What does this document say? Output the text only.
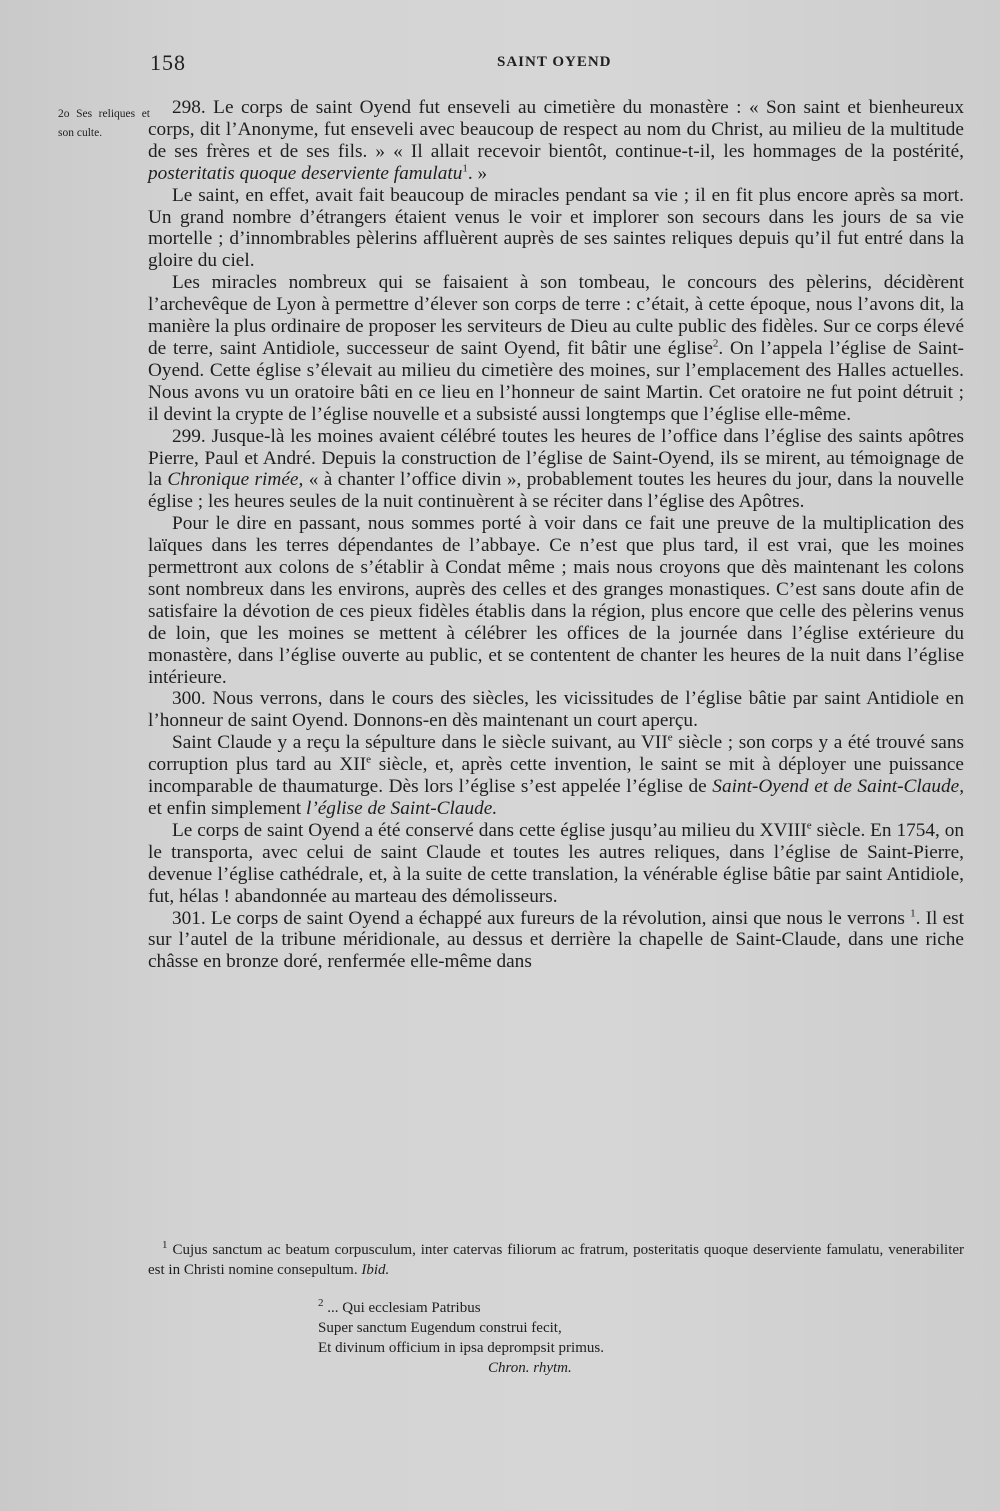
158	SAINT OYEND
2o Ses reliques et son culte.

298. Le corps de saint Oyend fut enseveli au cimetière du monastère : « Son saint et bienheureux corps, dit l’Anonyme, fut enseveli avec beaucoup de respect au nom du Christ, au milieu de la multitude de ses frères et de ses fils. » « Il allait recevoir bientôt, continue-t-il, les hommages de la postérité, posteritatis quoque deserviente famulatu$^1$. »

Le saint, en effet, avait fait beaucoup de miracles pendant sa vie ; il en fit plus encore après sa mort. Un grand nombre d’étrangers étaient venus le voir et implorer son secours dans les jours de sa vie mortelle ; d’innombrables pèlerins affluèrent auprès de ses saintes reliques depuis qu’il fut entré dans la gloire du ciel.

Les miracles nombreux qui se faisaient à son tombeau, le concours des pèlerins, décidèrent l’archevêque de Lyon à permettre d’élever son corps de terre : c’était, à cette époque, nous l’avons dit, la manière la plus ordinaire de proposer les serviteurs de Dieu au culte public des fidèles. Sur ce corps élevé de terre, saint Antidiole, successeur de saint Oyend, fit bâtir une église$^2$. On l’appela l’église de Saint-Oyend. Cette église s’élevait au milieu du cimetière des moines, sur l’emplacement des Halles actuelles. Nous avons vu un oratoire bâti en ce lieu en l’honneur de saint Martin. Cet oratoire ne fut point détruit ; il devint la crypte de l’église nouvelle et a subsisté aussi longtemps que l’église elle-même.

299. Jusque-là les moines avaient célébré toutes les heures de l’office dans l’église des saints apôtres Pierre, Paul et André. Depuis la construction de l’église de Saint-Oyend, ils se mirent, au témoignage de la Chronique rimée, « à chanter l’office divin », probablement toutes les heures du jour, dans la nouvelle église ; les heures seules de la nuit continuèrent à se réciter dans l’église des Apôtres.

Pour le dire en passant, nous sommes porté à voir dans ce fait une preuve de la multiplication des laïques dans les terres dépendantes de l’abbaye. Ce n’est que plus tard, il est vrai, que les moines permettront aux colons de s’établir à Condat même ; mais nous croyons que dès maintenant les colons sont nombreux dans les environs, auprès des celles et des granges monastiques. C’est sans doute afin de satisfaire la dévotion de ces pieux fidèles établis dans la région, plus encore que celle des pèlerins venus de loin, que les moines se mettent à célébrer les offices de la journée dans l’église extérieure du monastère, dans l’église ouverte au public, et se contentent de chanter les heures de la nuit dans l’église intérieure.

300. Nous verrons, dans le cours des siècles, les vicissitudes de l’église bâtie par saint Antidiole en l’honneur de saint Oyend. Donnons-en dès maintenant un court aperçu.

Saint Claude y a reçu la sépulture dans le siècle suivant, au VIIe siècle ; son corps y a été trouvé sans corruption plus tard au XIIe siècle, et, après cette invention, le saint se mit à déployer une puissance incomparable de thaumaturge. Dès lors l’église s’est appelée l’église de Saint-Oyend et de Saint-Claude, et enfin simplement l’église de Saint-Claude.

Le corps de saint Oyend a été conservé dans cette église jusqu’au milieu du XVIIIe siècle. En 1754, on le transporta, avec celui de saint Claude et toutes les autres reliques, dans l’église de Saint-Pierre, devenue l’église cathédrale, et, à la suite de cette translation, la vénérable église bâtie par saint Antidiole, fut, hélas ! abandonnée au marteau des démolisseurs.

301. Le corps de saint Oyend a échappé aux fureurs de la révolution, ainsi que nous le verrons $^1$. Il est sur l’autel de la tribune méridionale, au dessus et derrière la chapelle de Saint-Claude, dans une riche châsse en bronze doré, renfermée elle-même dans

$^1$ Cujus sanctum ac beatum corpusculum, inter catervas filiorum ac fratrum, posteritatis quoque deserviente famulatu, venerabiliter est in Christi nomine consepultum. Ibid.

$^2$ ... Qui ecclesiam Patribus
Super sanctum Eugendum construi fecit,
Et divinum officium in ipsa deprompsit primus.
Chron. rhytm.
